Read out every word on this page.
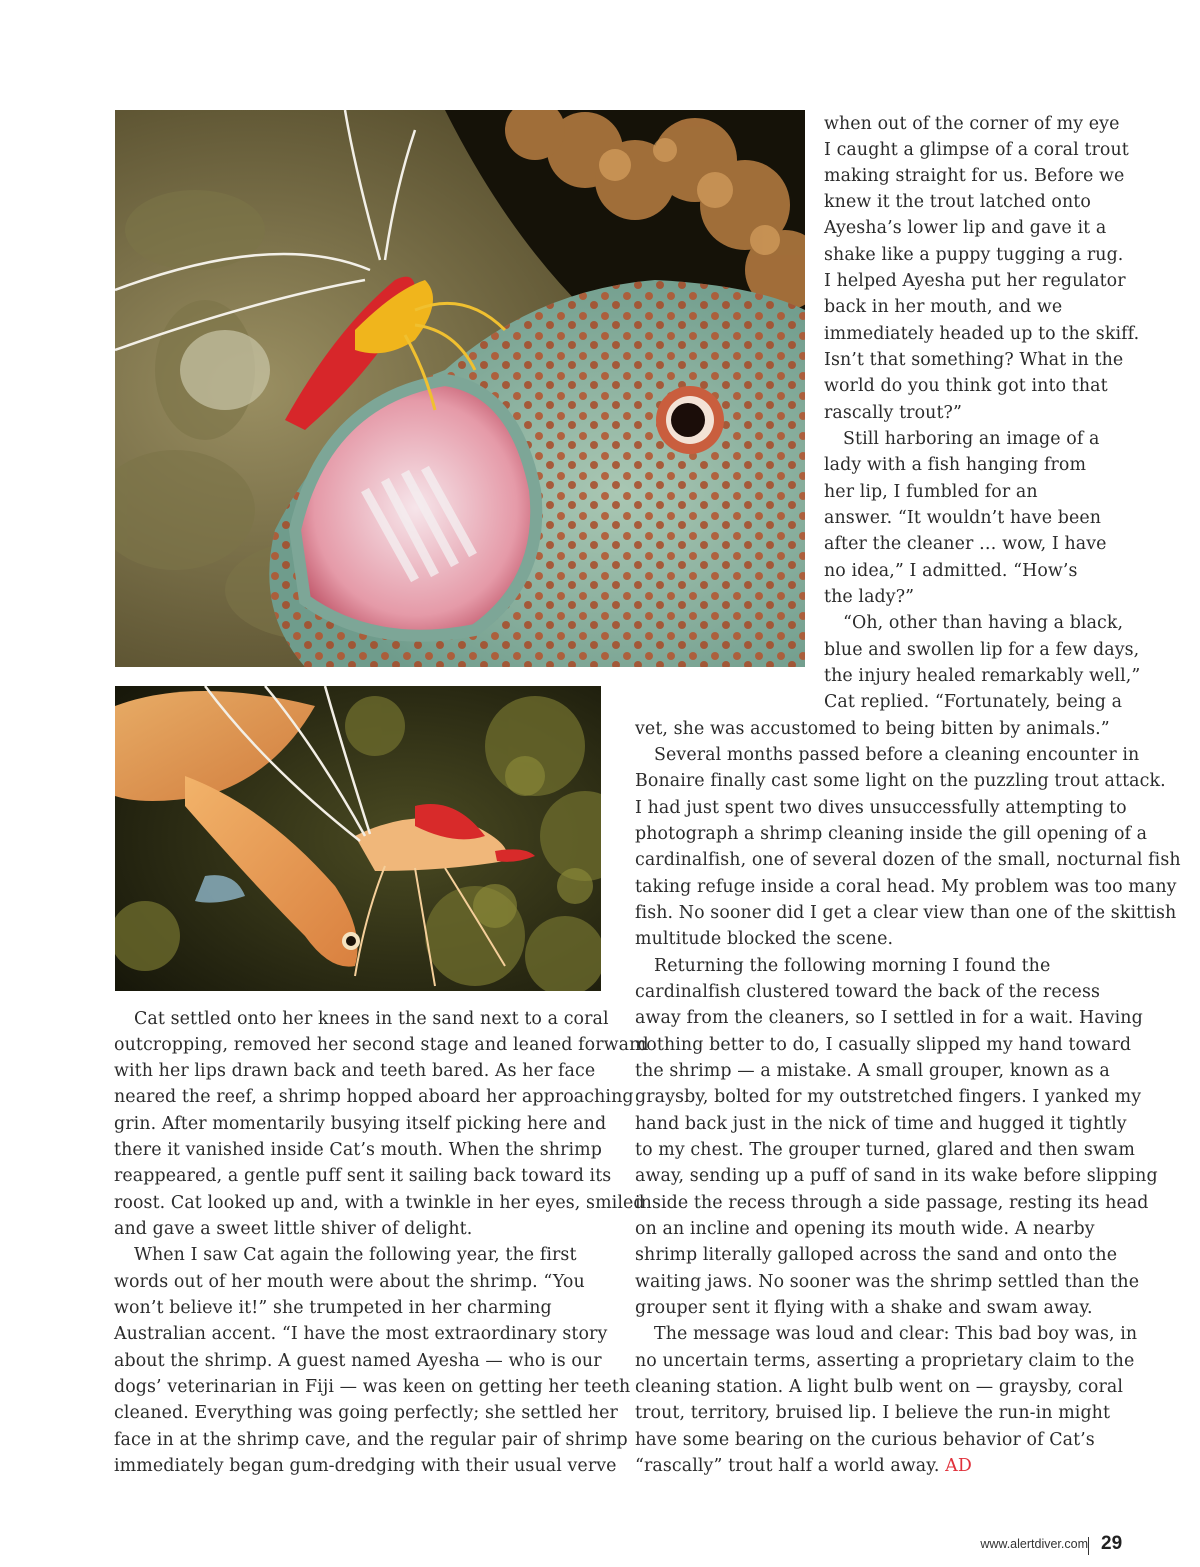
when out of the corner of my eye
I caught a glimpse of a coral trout
making straight for us. Before we
knew it the trout latched onto
Ayesha’s lower lip and gave it a
shake like a puppy tugging a rug.
I helped Ayesha put her regulator
back in her mouth, and we
immediately headed up to the skiff.
Isn’t that something? What in the
world do you think got into that
rascally trout?”
Still harboring an image of a
lady with a fish hanging from
her lip, I fumbled for an
answer. “It wouldn’t have been
after the cleaner … wow, I have
no idea,” I admitted. “How’s
the lady?”
“Oh, other than having a black,
blue and swollen lip for a few days,
the injury healed remarkably well,”
Cat replied. “Fortunately, being a
vet, she was accustomed to being bitten by animals.”
Several months passed before a cleaning encounter in
Bonaire finally cast some light on the puzzling trout attack.
I had just spent two dives unsuccessfully attempting to
photograph a shrimp cleaning inside the gill opening of a
cardinalfish, one of several dozen of the small, nocturnal fish
taking refuge inside a coral head. My problem was too many
fish. No sooner did I get a clear view than one of the skittish
multitude blocked the scene.
Returning the following morning I found the
cardinalfish clustered toward the back of the recess
away from the cleaners, so I settled in for a wait. Having
nothing better to do, I casually slipped my hand toward
the shrimp — a mistake. A small grouper, known as a
graysby, bolted for my outstretched fingers. I yanked my
hand back just in the nick of time and hugged it tightly
to my chest. The grouper turned, glared and then swam
away, sending up a puff of sand in its wake before slipping
inside the recess through a side passage, resting its head
on an incline and opening its mouth wide. A nearby
shrimp literally galloped across the sand and onto the
waiting jaws. No sooner was the shrimp settled than the
grouper sent it flying with a shake and swam away.
The message was loud and clear: This bad boy was, in
no uncertain terms, asserting a proprietary claim to the
cleaning station. A light bulb went on — graysby, coral
trout, territory, bruised lip. I believe the run-in might
have some bearing on the curious behavior of Cat’s
“rascally” trout half a world away. AD
Cat settled onto her knees in the sand next to a coral
outcropping, removed her second stage and leaned forward
with her lips drawn back and teeth bared. As her face
neared the reef, a shrimp hopped aboard her approaching
grin. After momentarily busying itself picking here and
there it vanished inside Cat’s mouth. When the shrimp
reappeared, a gentle puff sent it sailing back toward its
roost. Cat looked up and, with a twinkle in her eyes, smiled
and gave a sweet little shiver of delight.
When I saw Cat again the following year, the first
words out of her mouth were about the shrimp. “You
won’t believe it!” she trumpeted in her charming
Australian accent. “I have the most extraordinary story
about the shrimp. A guest named Ayesha — who is our
dogs’ veterinarian in Fiji — was keen on getting her teeth
cleaned. Everything was going perfectly; she settled her
face in at the shrimp cave, and the regular pair of shrimp
immediately began gum-dredging with their usual verve
www.alertdiver.com 29
